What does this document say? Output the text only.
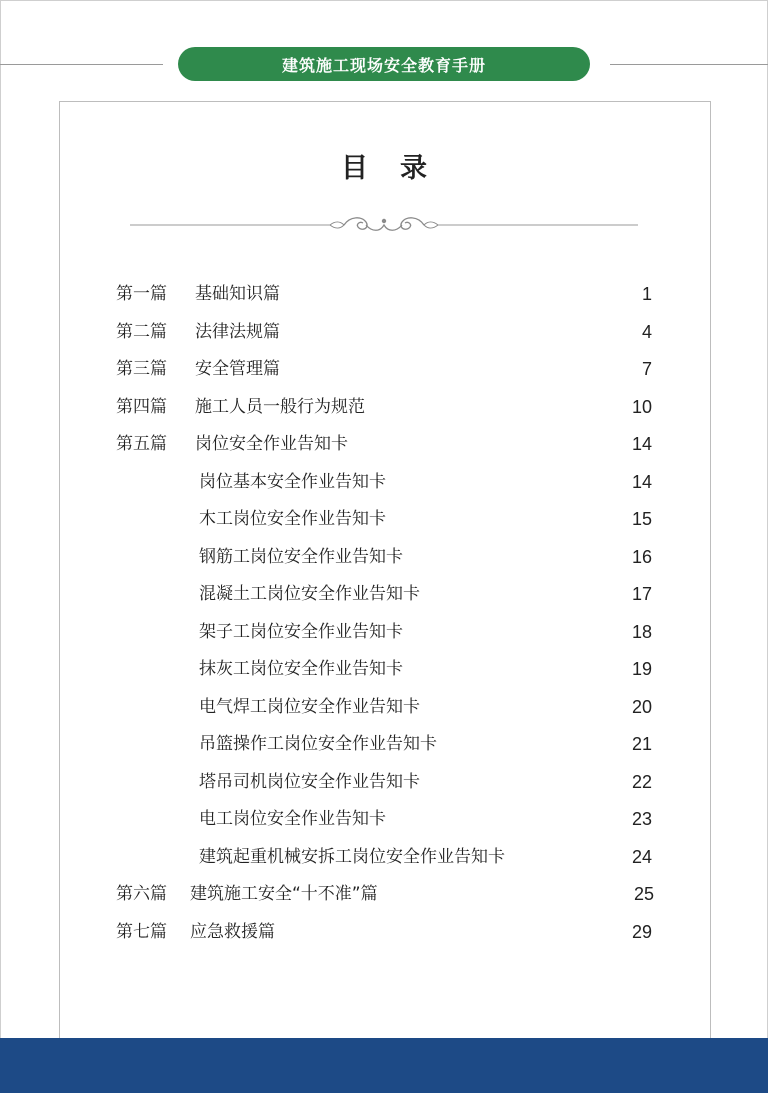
建筑施工现场安全教育手册
目录
第一篇 基础知识篇	1
第二篇 法律法规篇	4
第三篇 安全管理篇	7
第四篇 施工人员一般行为规范	10
第五篇 岗位安全作业告知卡	14
岗位基本安全作业告知卡	14
木工岗位安全作业告知卡	15
钢筋工岗位安全作业告知卡	16
混凝土工岗位安全作业告知卡	17
架子工岗位安全作业告知卡	18
抹灰工岗位安全作业告知卡	19
电气焊工岗位安全作业告知卡	20
吊篮操作工岗位安全作业告知卡	21
塔吊司机岗位安全作业告知卡	22
电工岗位安全作业告知卡	23
建筑起重机械安拆工岗位安全作业告知卡	24
第六篇 建筑施工安全“十不准”篇	25
第七篇 应急救援篇	29
